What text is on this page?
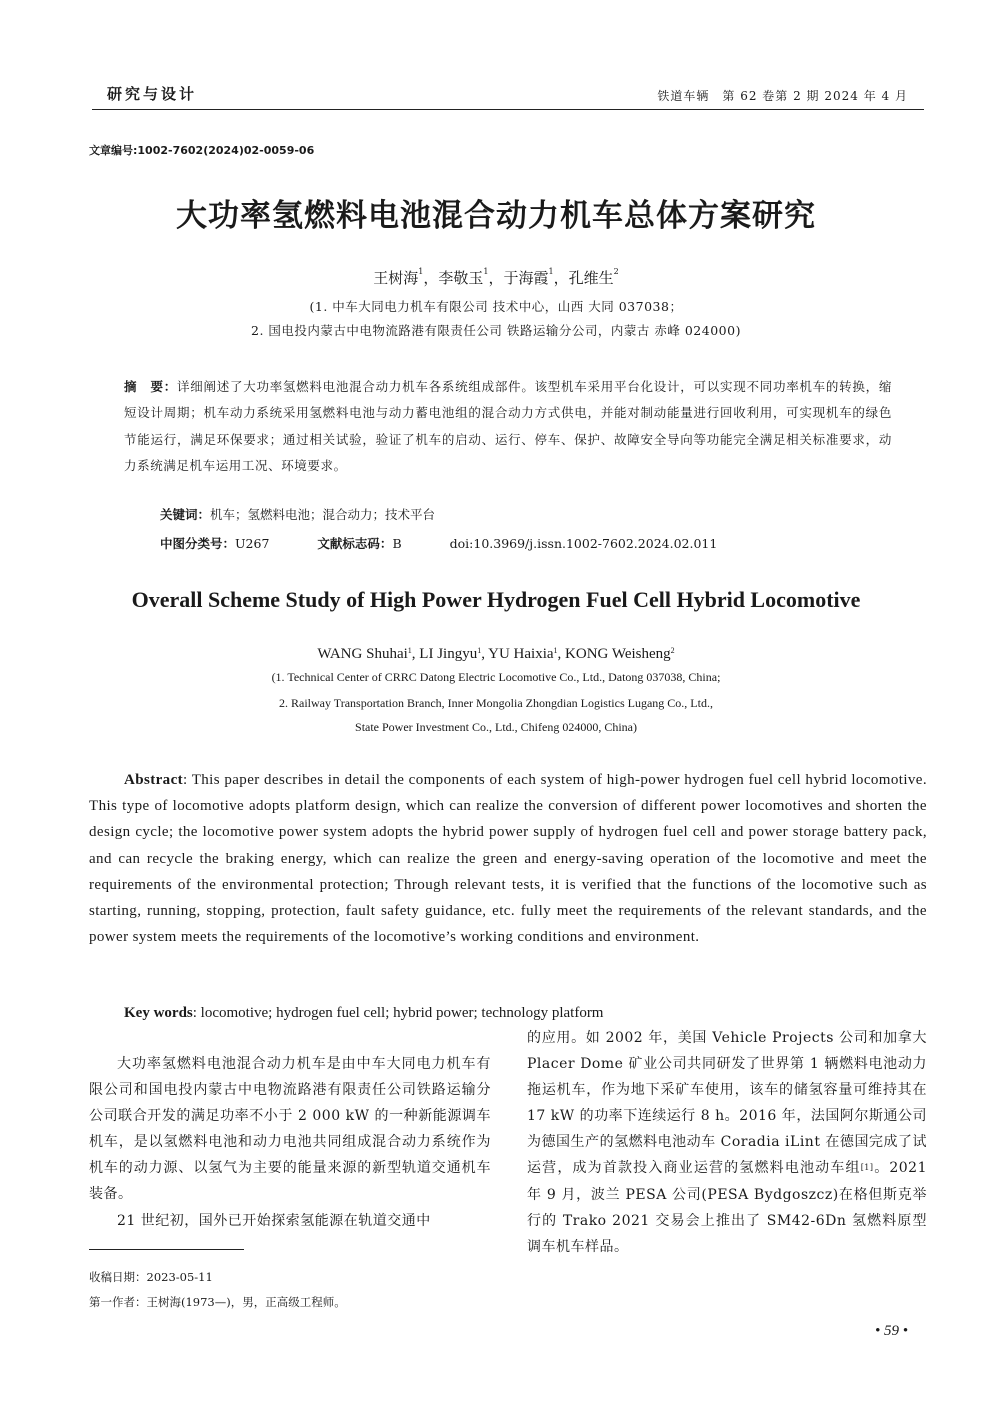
研究与设计	铁道车辆　第 62 卷第 2 期 2024 年 4 月
文章编号:1002-7602(2024)02-0059-06
大功率氢燃料电池混合动力机车总体方案研究
王树海$^1$，李敬玉$^1$，于海霞$^1$，孔维生$^2$
(1. 中车大同电力机车有限公司 技术中心，山西 大同 037038；
2. 国电投内蒙古中电物流路港有限责任公司 铁路运输分公司，内蒙古 赤峰 024000)
摘　要：详细阐述了大功率氢燃料电池混合动力机车各系统组成部件。该型机车采用平台化设计，可以实现不同功率机车的转换，缩短设计周期；机车动力系统采用氢燃料电池与动力蓄电池组的混合动力方式供电，并能对制动能量进行回收利用，可实现机车的绿色节能运行，满足环保要求；通过相关试验，验证了机车的启动、运行、停车、保护、故障安全导向等功能完全满足相关标准要求，动力系统满足机车运用工况、环境要求。
关键词：机车；氢燃料电池；混合动力；技术平台
中图分类号：U267	文献标志码：B	doi:10.3969/j.issn.1002-7602.2024.02.011
Overall Scheme Study of High Power Hydrogen Fuel Cell Hybrid Locomotive
WANG Shuhai$^1$, LI Jingyu$^1$, YU Haixia$^1$, KONG Weisheng$^2$
(1. Technical Center of CRRC Datong Electric Locomotive Co., Ltd., Datong 037038, China;
2. Railway Transportation Branch, Inner Mongolia Zhongdian Logistics Lugang Co., Ltd.,
State Power Investment Co., Ltd., Chifeng 024000, China)
Abstract: This paper describes in detail the components of each system of high-power hydrogen fuel cell hybrid locomotive. This type of locomotive adopts platform design, which can realize the conversion of different power locomotives and shorten the design cycle; the locomotive power system adopts the hybrid power supply of hydrogen fuel cell and power storage battery pack, and can recycle the braking energy, which can realize the green and energy-saving operation of the locomotive and meet the requirements of the environmental protection; Through relevant tests, it is verified that the functions of the locomotive such as starting, running, stopping, protection, fault safety guidance, etc. fully meet the requirements of the relevant standards, and the power system meets the requirements of the locomotive’s working conditions and environment.
Key words: locomotive; hydrogen fuel cell; hybrid power; technology platform

大功率氢燃料电池混合动力机车是由中车大同电力机车有限公司和国电投内蒙古中电物流路港有限责任公司铁路运输分公司联合开发的满足功率不小于 2 000 kW 的一种新能源调车机车，是以氢燃料电池和动力电池共同组成混合动力系统作为机车的动力源、以氢气为主要的能量来源的新型轨道交通机车装备。

21 世纪初，国外已开始探索氢能源在轨道交通中

的应用。如 2002 年，美国 Vehicle Projects 公司和加拿大 Placer Dome 矿业公司共同研发了世界第 1 辆燃料电池动力拖运机车，作为地下采矿车使用，该车的储氢容量可维持其在 17 kW 的功率下连续运行 8 h。2016 年，法国阿尔斯通公司为德国生产的氢燃料电池动车 Coradia iLint 在德国完成了试运营，成为首款投入商业运营的氢燃料电池动车组[1]。2021 年 9 月，波兰 PESA 公司(PESA Bydgoszcz)在格但斯克举行的 Trako 2021 交易会上推出了 SM42-6Dn 氢燃料原型调车机车样品。

收稿日期：2023-05-11
第一作者：王树海(1973—)，男，正高级工程师。
• 59 •
